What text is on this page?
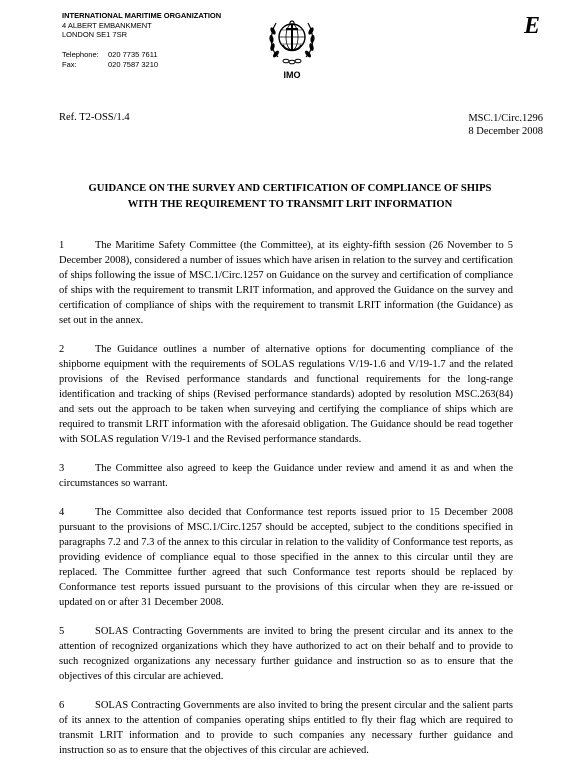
INTERNATIONAL MARITIME ORGANIZATION
4 ALBERT EMBANKMENT
LONDON SE1 7SR
Telephone:	020 7735 7611
Fax:	020 7587 3210
IMO
E
Ref. T2-OSS/1.4	MSC.1/Circ.1296
8 December 2008
GUIDANCE ON THE SURVEY AND CERTIFICATION OF COMPLIANCE OF SHIPS
WITH THE REQUIREMENT TO TRANSMIT LRIT INFORMATION

1	The Maritime Safety Committee (the Committee), at its eighty-fifth session (26 November to 5 December 2008), considered a number of issues which have arisen in relation to the survey and certification of ships following the issue of MSC.1/Circ.1257 on Guidance on the survey and certification of compliance of ships with the requirement to transmit LRIT information, and approved the Guidance on the survey and certification of compliance of ships with the requirement to transmit LRIT information (the Guidance) as set out in the annex.

2	The Guidance outlines a number of alternative options for documenting compliance of the shipborne equipment with the requirements of SOLAS regulations V/19-1.6 and V/19-1.7 and the related provisions of the Revised performance standards and functional requirements for the long-range identification and tracking of ships (Revised performance standards) adopted by resolution MSC.263(84) and sets out the approach to be taken when surveying and certifying the compliance of ships which are required to transmit LRIT information with the aforesaid obligation. The Guidance should be read together with SOLAS regulation V/19-1 and the Revised performance standards.

3	The Committee also agreed to keep the Guidance under review and amend it as and when the circumstances so warrant.

4	The Committee also decided that Conformance test reports issued prior to 15 December 2008 pursuant to the provisions of MSC.1/Circ.1257 should be accepted, subject to the conditions specified in paragraphs 7.2 and 7.3 of the annex to this circular in relation to the validity of Conformance test reports, as providing evidence of compliance equal to those specified in the annex to this circular until they are replaced. The Committee further agreed that such Conformance test reports should be replaced by Conformance test reports issued pursuant to the provisions of this circular when they are re-issued or updated on or after 31 December 2008.

5	SOLAS Contracting Governments are invited to bring the present circular and its annex to the attention of recognized organizations which they have authorized to act on their behalf and to provide to such recognized organizations any necessary further guidance and instruction so as to ensure that the objectives of this circular are achieved.

6	SOLAS Contracting Governments are also invited to bring the present circular and the salient parts of its annex to the attention of companies operating ships entitled to fly their flag which are required to transmit LRIT information and to provide to such companies any necessary further guidance and instruction so as to ensure that the objectives of this circular are achieved.
